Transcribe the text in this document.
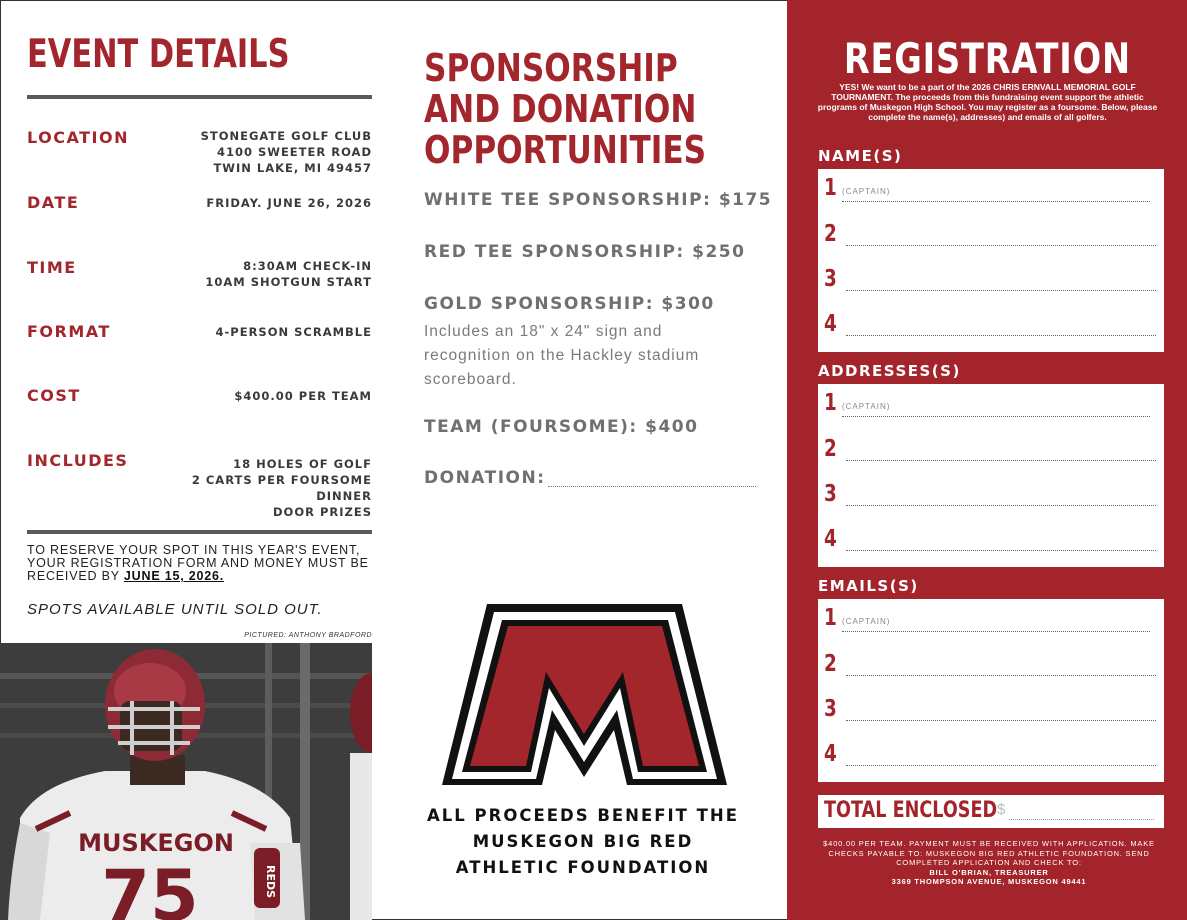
EVENT DETAILS
LOCATION	STONEGATE GOLF CLUB
4100 SWEETER ROAD
TWIN LAKE, MI 49457
DATE	FRIDAY. JUNE 26, 2026
TIME	8:30AM CHECK-IN
10AM SHOTGUN START
FORMAT	4-PERSON SCRAMBLE
COST	$400.00 PER TEAM
INCLUDES	18 HOLES OF GOLF
2 CARTS PER FOURSOME
DINNER
DOOR PRIZES

TO RESERVE YOUR SPOT IN THIS YEAR'S EVENT, YOUR REGISTRATION FORM AND MONEY MUST BE RECEIVED BY JUNE 15, 2026.

SPOTS AVAILABLE UNTIL SOLD OUT.

PICTURED: ANTHONY BRADFORD

MUSKEGON
75	REDS
SPONSORSHIP
AND DONATION
OPPORTUNITIES
WHITE TEE SPONSORSHIP: $175
RED TEE SPONSORSHIP: $250
GOLD SPONSORSHIP: $300

Includes an 18" x 24" sign and recognition on the Hackley stadium scoreboard.

TEAM (FOURSOME): $400
DONATION:
M
ALL PROCEEDS BENEFIT THE
MUSKEGON BIG RED
ATHLETIC FOUNDATION
REGISTRATION

YES! We want to be a part of the 2026 CHRIS ERNVALL MEMORIAL GOLF TOURNAMENT. The proceeds from this fundraising event support the athletic programs of Muskegon High School. You may register as a foursome. Below, please complete the name(s), addresses) and emails of all golfers.

NAME(S)
1 (CAPTAIN)
2
3
4
ADDRESSES(S)
1 (CAPTAIN)
2
3
4
EMAILS(S)
1 (CAPTAIN)
2
3
4
TOTAL ENCLOSED $
$400.00 PER TEAM. PAYMENT MUST BE RECEIVED WITH APPLICATION. MAKE CHECKS PAYABLE TO: MUSKEGON BIG RED ATHLETIC FOUNDATION. SEND COMPLETED APPLICATION AND CHECK TO:
BILL O'BRIAN, TREASURER
3369 THOMPSON AVENUE, MUSKEGON 49441
